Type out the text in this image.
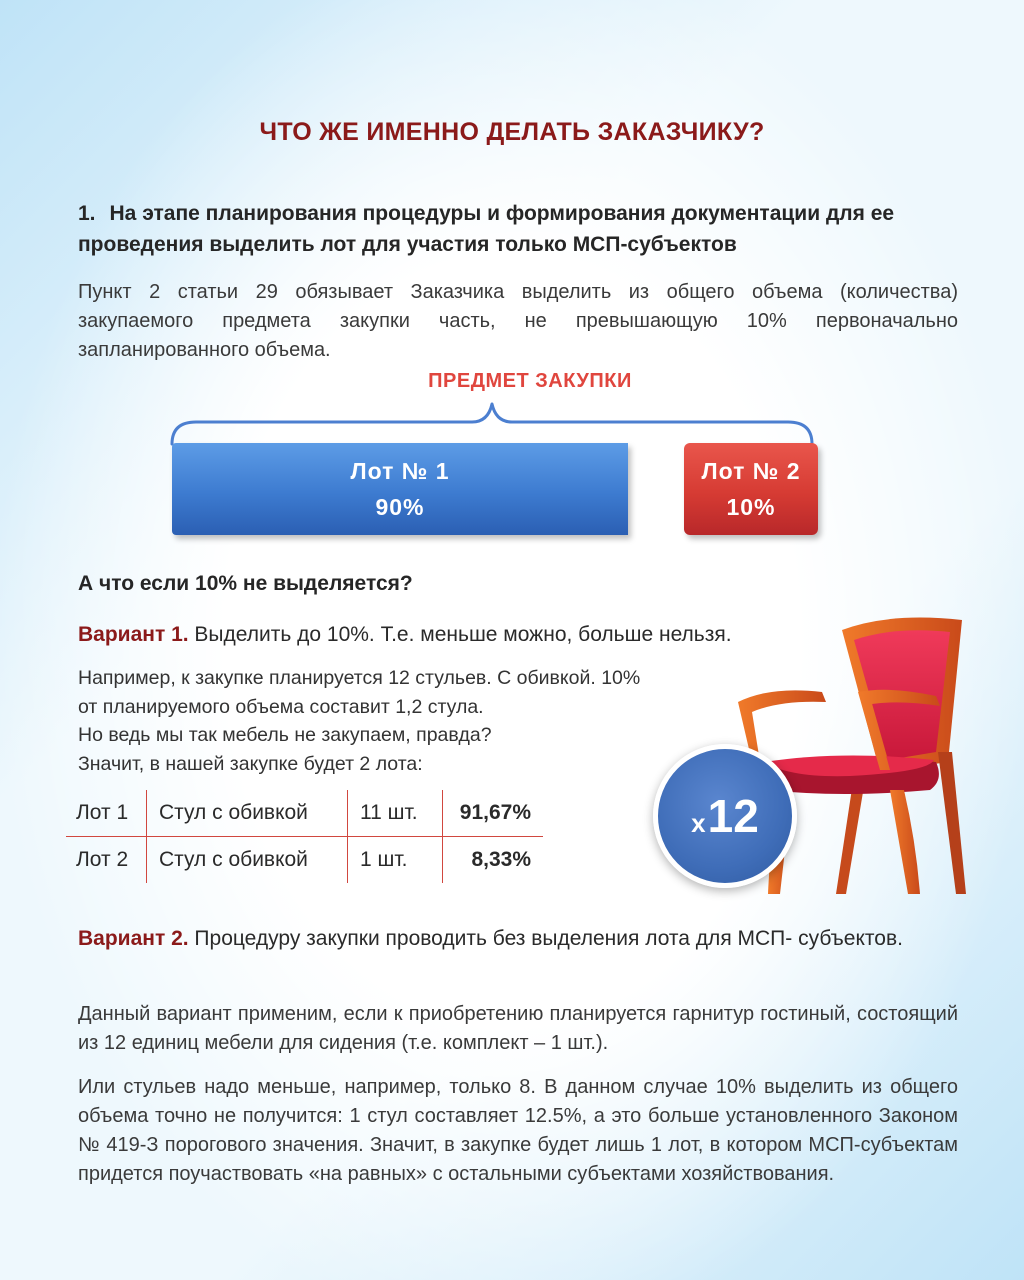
ЧТО ЖЕ ИМЕННО ДЕЛАТЬ ЗАКАЗЧИКУ?
1. На этапе планирования процедуры и формирования документации для ее проведения выделить лот для участия только МСП-субъектов
Пункт 2 статьи 29 обязывает Заказчика выделить из общего объема (количества) закупаемого предмета закупки часть, не превышающую 10% первоначально запланированного объема.
ПРЕДМЕТ ЗАКУПКИ
Лот № 1
90%
Лот № 2
10%
А что если 10% не выделяется?
Вариант 1. Выделить до 10%. Т.е. меньше можно, больше нельзя.
Например, к закупке планируется 12 стульев. С обивкой. 10%
от планируемого объема составит 1,2 стула.
Но ведь мы так мебель не закупаем, правда?
Значит, в нашей закупке будет 2 лота:
Лот 1	Стул с обивкой	11 шт.	91,67%
Лот 2	Стул с обивкой	1 шт.	8,33%
x 12
Вариант 2. Процедуру закупки проводить без выделения лота для МСП- субъектов.
Данный вариант применим, если к приобретению планируется гарнитур гостиный, состоящий из 12 единиц мебели для сидения (т.е. комплект – 1 шт.).
Или стульев надо меньше, например, только 8. В данном случае 10% выделить из общего объема точно не получится: 1 стул составляет 12.5%, а это больше установленного Законом № 419-З порогового значения. Значит, в закупке будет лишь 1 лот, в котором МСП-субъектам придется поучаствовать «на равных» с остальными субъектами хозяйствования.
